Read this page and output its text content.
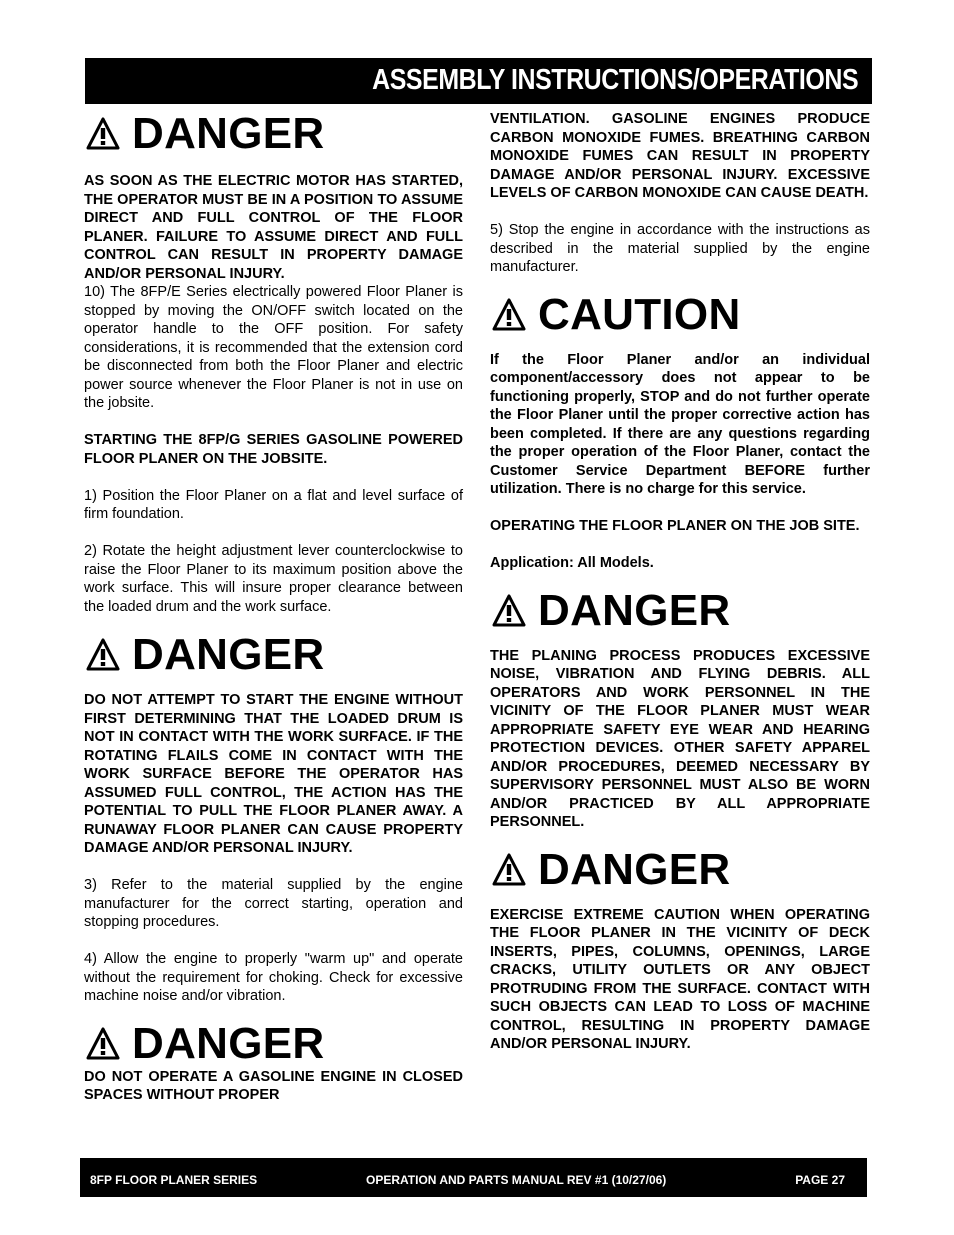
ASSEMBLY INSTRUCTIONS/OPERATIONS
DANGER

AS SOON AS THE ELECTRIC MOTOR HAS STARTED, THE OPERATOR MUST BE IN A POSITION TO ASSUME DIRECT AND FULL CONTROL OF THE FLOOR PLANER. FAILURE TO ASSUME DIRECT AND FULL CONTROL CAN RESULT IN PROPERTY DAMAGE AND/OR PERSONAL INJURY.

10) The 8FP/E Series electrically powered Floor Planer is stopped by moving the ON/OFF switch located on the operator handle to the OFF position. For safety considerations, it is recommended that the extension cord be disconnected from both the Floor Planer and electric power source whenever the Floor Planer is not in use on the jobsite.

STARTING THE 8FP/G SERIES GASOLINE POWERED FLOOR PLANER ON THE JOBSITE.

1) Position the Floor Planer on a flat and level surface of firm foundation.

2) Rotate the height adjustment lever counterclockwise to raise the Floor Planer to its maximum position above the work surface. This will insure proper clearance between the loaded drum and the work surface.

DANGER

DO NOT ATTEMPT TO START THE ENGINE WITHOUT FIRST DETERMINING THAT THE LOADED DRUM IS NOT IN CONTACT WITH THE WORK SURFACE. IF THE ROTATING FLAILS COME IN CONTACT WITH THE WORK SURFACE BEFORE THE OPERATOR HAS ASSUMED FULL CONTROL, THE ACTION HAS THE POTENTIAL TO PULL THE FLOOR PLANER AWAY. A RUNAWAY FLOOR PLANER CAN CAUSE PROPERTY DAMAGE AND/OR PERSONAL INJURY.

3) Refer to the material supplied by the engine manufacturer for the correct starting, operation and stopping procedures.

4) Allow the engine to properly "warm up" and operate without the requirement for choking. Check for excessive machine noise and/or vibration.

DANGER

DO NOT OPERATE A GASOLINE ENGINE IN CLOSED SPACES WITHOUT PROPER

VENTILATION. GASOLINE ENGINES PRODUCE CARBON MONOXIDE FUMES. BREATHING CARBON MONOXIDE FUMES CAN RESULT IN PROPERTY DAMAGE AND/OR PERSONAL INJURY. EXCESSIVE LEVELS OF CARBON MONOXIDE CAN CAUSE DEATH.

5) Stop the engine in accordance with the instructions as described in the material supplied by the engine manufacturer.

CAUTION

If the Floor Planer and/or an individual component/accessory does not appear to be functioning properly, STOP and do not further operate the Floor Planer until the proper corrective action has been completed. If there are any questions regarding the proper operation of the Floor Planer, contact the Customer Service Department BEFORE further utilization. There is no charge for this service.

OPERATING THE FLOOR PLANER ON THE JOB SITE.

Application: All Models.

DANGER

THE PLANING PROCESS PRODUCES EXCESSIVE NOISE, VIBRATION AND FLYING DEBRIS. ALL OPERATORS AND WORK PERSONNEL IN THE VICINITY OF THE FLOOR PLANER MUST WEAR APPROPRIATE SAFETY EYE WEAR AND HEARING PROTECTION DEVICES. OTHER SAFETY APPAREL AND/OR PROCEDURES, DEEMED NECESSARY BY SUPERVISORY PERSONNEL MUST ALSO BE WORN AND/OR PRACTICED BY ALL APPROPRIATE PERSONNEL.

DANGER

EXERCISE EXTREME CAUTION WHEN OPERATING THE FLOOR PLANER IN THE VICINITY OF DECK INSERTS, PIPES, COLUMNS, OPENINGS, LARGE CRACKS, UTILITY OUTLETS OR ANY OBJECT PROTRUDING FROM THE SURFACE. CONTACT WITH SUCH OBJECTS CAN LEAD TO LOSS OF MACHINE CONTROL, RESULTING IN PROPERTY DAMAGE AND/OR PERSONAL INJURY.

8FP FLOOR PLANER SERIES	OPERATION AND PARTS MANUAL REV #1 (10/27/06)	PAGE 27
